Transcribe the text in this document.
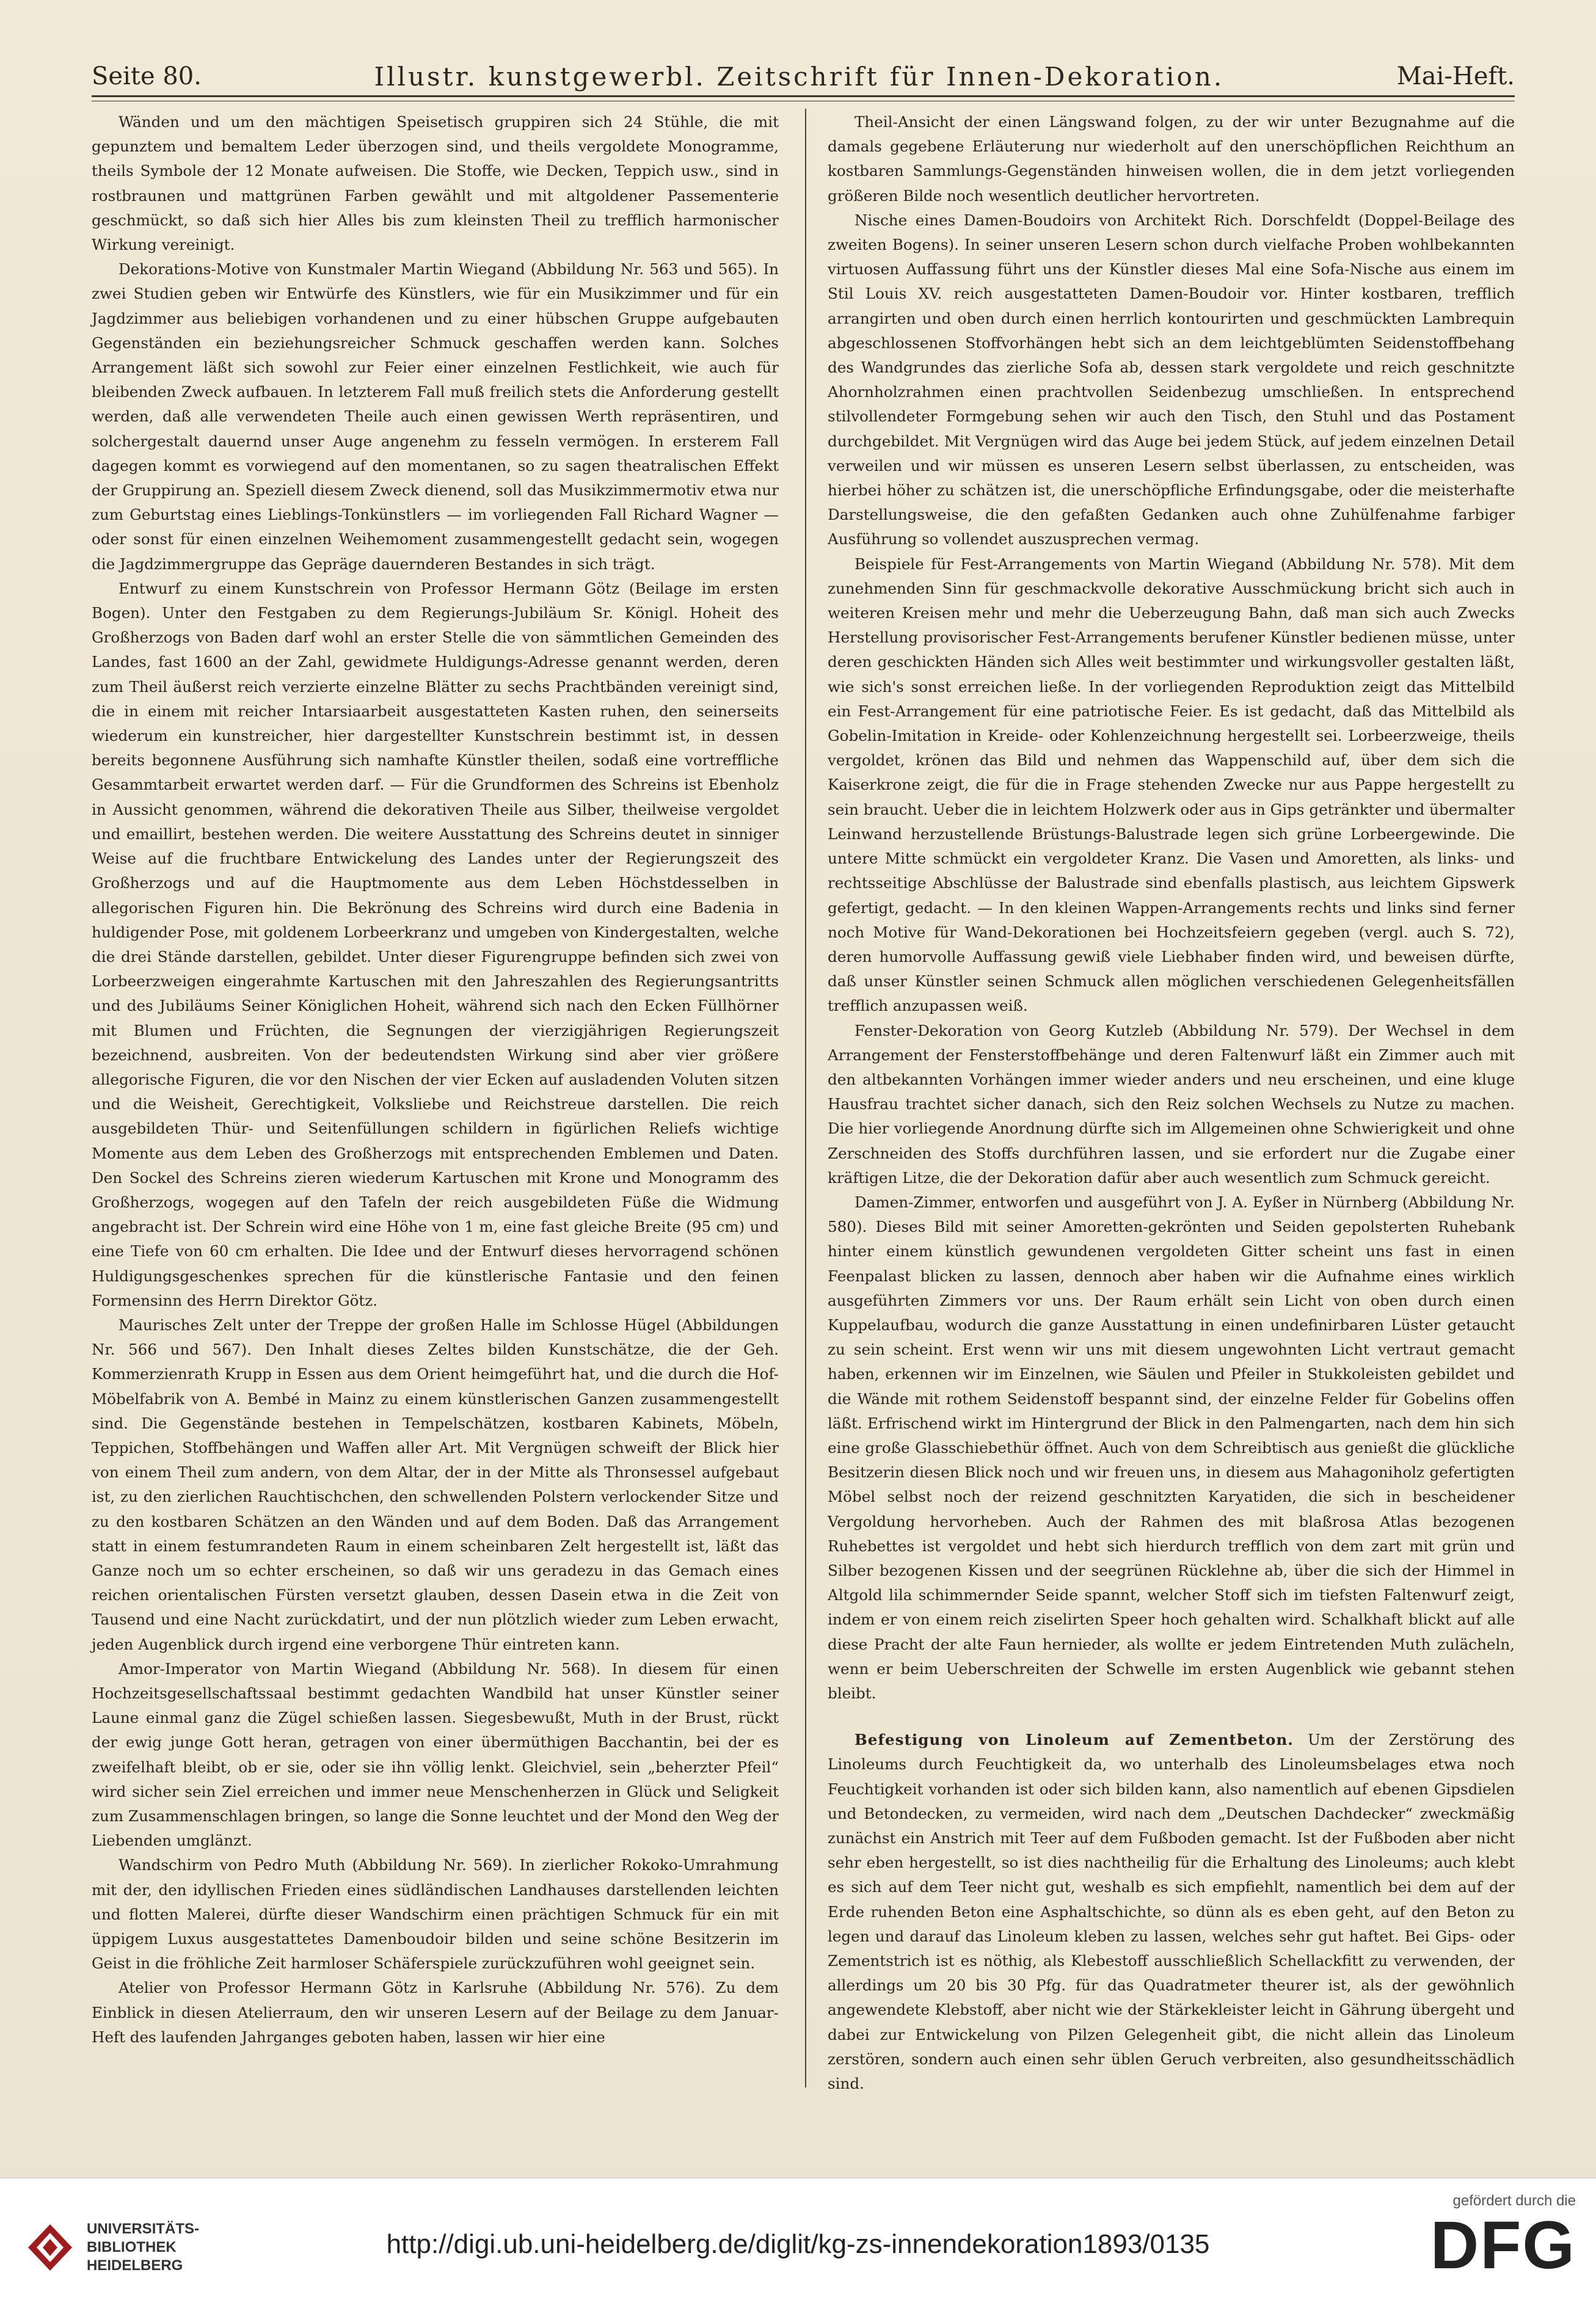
Seite 80.	Illustr. kunstgewerbl. Zeitschrift für Innen-Dekoration.	Mai-Heft.

Wänden und um den mächtigen Speisetisch gruppiren sich 24 Stühle, die mit gepunztem und bemaltem Leder überzogen sind, und theils vergoldete Monogramme, theils Symbole der 12 Monate aufweisen. Die Stoffe, wie Decken, Teppich usw., sind in rostbraunen und mattgrünen Farben gewählt und mit altgoldener Passementerie geschmückt, so daß sich hier Alles bis zum kleinsten Theil zu trefflich harmonischer Wirkung vereinigt.

Dekorations-Motive von Kunstmaler Martin Wiegand (Abbildung Nr. 563 und 565). In zwei Studien geben wir Entwürfe des Künstlers, wie für ein Musikzimmer und für ein Jagdzimmer aus beliebigen vorhandenen und zu einer hübschen Gruppe aufgebauten Gegenständen ein beziehungsreicher Schmuck geschaffen werden kann. Solches Arrangement läßt sich sowohl zur Feier einer einzelnen Festlichkeit, wie auch für bleibenden Zweck aufbauen. In letzterem Fall muß freilich stets die Anforderung gestellt werden, daß alle verwendeten Theile auch einen gewissen Werth repräsentiren, und solchergestalt dauernd unser Auge angenehm zu fesseln vermögen. In ersterem Fall dagegen kommt es vorwiegend auf den momentanen, so zu sagen theatralischen Effekt der Gruppirung an. Speziell diesem Zweck dienend, soll das Musikzimmermotiv etwa nur zum Geburtstag eines Lieblings-Tonkünstlers — im vorliegenden Fall Richard Wagner — oder sonst für einen einzelnen Weihemoment zusammengestellt gedacht sein, wogegen die Jagdzimmergruppe das Gepräge dauernderen Bestandes in sich trägt.

Entwurf zu einem Kunstschrein von Professor Hermann Götz (Beilage im ersten Bogen). Unter den Festgaben zu dem Regierungs-Jubiläum Sr. Königl. Hoheit des Großherzogs von Baden darf wohl an erster Stelle die von sämmtlichen Gemeinden des Landes, fast 1600 an der Zahl, gewidmete Huldigungs-Adresse genannt werden, deren zum Theil äußerst reich verzierte einzelne Blätter zu sechs Prachtbänden vereinigt sind, die in einem mit reicher Intarsiaarbeit ausgestatteten Kasten ruhen, den seinerseits wiederum ein kunstreicher, hier dargestellter Kunstschrein bestimmt ist, in dessen bereits begonnene Ausführung sich namhafte Künstler theilen, sodaß eine vortreffliche Gesammtarbeit erwartet werden darf. — Für die Grundformen des Schreins ist Ebenholz in Aussicht genommen, während die dekorativen Theile aus Silber, theilweise vergoldet und emaillirt, bestehen werden. Die weitere Ausstattung des Schreins deutet in sinniger Weise auf die fruchtbare Entwickelung des Landes unter der Regierungszeit des Großherzogs und auf die Hauptmomente aus dem Leben Höchstdesselben in allegorischen Figuren hin. Die Bekrönung des Schreins wird durch eine Badenia in huldigender Pose, mit goldenem Lorbeerkranz und umgeben von Kindergestalten, welche die drei Stände darstellen, gebildet. Unter dieser Figurengruppe befinden sich zwei von Lorbeerzweigen eingerahmte Kartuschen mit den Jahreszahlen des Regierungsantritts und des Jubiläums Seiner Königlichen Hoheit, während sich nach den Ecken Füllhörner mit Blumen und Früchten, die Segnungen der vierzigjährigen Regierungszeit bezeichnend, ausbreiten. Von der bedeutendsten Wirkung sind aber vier größere allegorische Figuren, die vor den Nischen der vier Ecken auf ausladenden Voluten sitzen und die Weisheit, Gerechtigkeit, Volksliebe und Reichstreue darstellen. Die reich ausgebildeten Thür- und Seitenfüllungen schildern in figürlichen Reliefs wichtige Momente aus dem Leben des Großherzogs mit entsprechenden Emblemen und Daten. Den Sockel des Schreins zieren wiederum Kartuschen mit Krone und Monogramm des Großherzogs, wogegen auf den Tafeln der reich ausgebildeten Füße die Widmung angebracht ist. Der Schrein wird eine Höhe von 1 m, eine fast gleiche Breite (95 cm) und eine Tiefe von 60 cm erhalten. Die Idee und der Entwurf dieses hervorragend schönen Huldigungsgeschenkes sprechen für die künstlerische Fantasie und den feinen Formensinn des Herrn Direktor Götz.

Maurisches Zelt unter der Treppe der großen Halle im Schlosse Hügel (Abbildungen Nr. 566 und 567). Den Inhalt dieses Zeltes bilden Kunstschätze, die der Geh. Kommerzienrath Krupp in Essen aus dem Orient heimgeführt hat, und die durch die Hof-Möbelfabrik von A. Bembé in Mainz zu einem künstlerischen Ganzen zusammengestellt sind. Die Gegenstände bestehen in Tempelschätzen, kostbaren Kabinets, Möbeln, Teppichen, Stoffbehängen und Waffen aller Art. Mit Vergnügen schweift der Blick hier von einem Theil zum andern, von dem Altar, der in der Mitte als Thronsessel aufgebaut ist, zu den zierlichen Rauchtischchen, den schwellenden Polstern verlockender Sitze und zu den kostbaren Schätzen an den Wänden und auf dem Boden. Daß das Arrangement statt in einem festumrandeten Raum in einem scheinbaren Zelt hergestellt ist, läßt das Ganze noch um so echter erscheinen, so daß wir uns geradezu in das Gemach eines reichen orientalischen Fürsten versetzt glauben, dessen Dasein etwa in die Zeit von Tausend und eine Nacht zurückdatirt, und der nun plötzlich wieder zum Leben erwacht, jeden Augenblick durch irgend eine verborgene Thür eintreten kann.

Amor-Imperator von Martin Wiegand (Abbildung Nr. 568). In diesem für einen Hochzeitsgesellschaftssaal bestimmt gedachten Wandbild hat unser Künstler seiner Laune einmal ganz die Zügel schießen lassen. Siegesbewußt, Muth in der Brust, rückt der ewig junge Gott heran, getragen von einer übermüthigen Bacchantin, bei der es zweifelhaft bleibt, ob er sie, oder sie ihn völlig lenkt. Gleichviel, sein „beherzter Pfeil“ wird sicher sein Ziel erreichen und immer neue Menschenherzen in Glück und Seligkeit zum Zusammenschlagen bringen, so lange die Sonne leuchtet und der Mond den Weg der Liebenden umglänzt.

Wandschirm von Pedro Muth (Abbildung Nr. 569). In zierlicher Rokoko-Umrahmung mit der, den idyllischen Frieden eines südländischen Landhauses darstellenden leichten und flotten Malerei, dürfte dieser Wandschirm einen prächtigen Schmuck für ein mit üppigem Luxus ausgestattetes Damenboudoir bilden und seine schöne Besitzerin im Geist in die fröhliche Zeit harmloser Schäferspiele zurückzuführen wohl geeignet sein.

Atelier von Professor Hermann Götz in Karlsruhe (Abbildung Nr. 576). Zu dem Einblick in diesen Atelierraum, den wir unseren Lesern auf der Beilage zu dem Januar-Heft des laufenden Jahrganges geboten haben, lassen wir hier eine

Theil-Ansicht der einen Längswand folgen, zu der wir unter Bezugnahme auf die damals gegebene Erläuterung nur wiederholt auf den unerschöpflichen Reichthum an kostbaren Sammlungs-Gegenständen hinweisen wollen, die in dem jetzt vorliegenden größeren Bilde noch wesentlich deutlicher hervortreten.

Nische eines Damen-Boudoirs von Architekt Rich. Dorschfeldt (Doppel-Beilage des zweiten Bogens). In seiner unseren Lesern schon durch vielfache Proben wohlbekannten virtuosen Auffassung führt uns der Künstler dieses Mal eine Sofa-Nische aus einem im Stil Louis XV. reich ausgestatteten Damen-Boudoir vor. Hinter kostbaren, trefflich arrangirten und oben durch einen herrlich kontourirten und geschmückten Lambrequin abgeschlossenen Stoffvorhängen hebt sich an dem leichtgeblümten Seidenstoffbehang des Wandgrundes das zierliche Sofa ab, dessen stark vergoldete und reich geschnitzte Ahornholzrahmen einen prachtvollen Seidenbezug umschließen. In entsprechend stilvollendeter Formgebung sehen wir auch den Tisch, den Stuhl und das Postament durchgebildet. Mit Vergnügen wird das Auge bei jedem Stück, auf jedem einzelnen Detail verweilen und wir müssen es unseren Lesern selbst überlassen, zu entscheiden, was hierbei höher zu schätzen ist, die unerschöpfliche Erfindungsgabe, oder die meisterhafte Darstellungsweise, die den gefaßten Gedanken auch ohne Zuhülfenahme farbiger Ausführung so vollendet auszusprechen vermag.

Beispiele für Fest-Arrangements von Martin Wiegand (Abbildung Nr. 578). Mit dem zunehmenden Sinn für geschmackvolle dekorative Ausschmückung bricht sich auch in weiteren Kreisen mehr und mehr die Ueberzeugung Bahn, daß man sich auch Zwecks Herstellung provisorischer Fest-Arrangements berufener Künstler bedienen müsse, unter deren geschickten Händen sich Alles weit bestimmter und wirkungsvoller gestalten läßt, wie sich's sonst erreichen ließe. In der vorliegenden Reproduktion zeigt das Mittelbild ein Fest-Arrangement für eine patriotische Feier. Es ist gedacht, daß das Mittelbild als Gobelin-Imitation in Kreide- oder Kohlenzeichnung hergestellt sei. Lorbeerzweige, theils vergoldet, krönen das Bild und nehmen das Wappenschild auf, über dem sich die Kaiserkrone zeigt, die für die in Frage stehenden Zwecke nur aus Pappe hergestellt zu sein braucht. Ueber die in leichtem Holzwerk oder aus in Gips getränkter und übermalter Leinwand herzustellende Brüstungs-Balustrade legen sich grüne Lorbeergewinde. Die untere Mitte schmückt ein vergoldeter Kranz. Die Vasen und Amoretten, als links- und rechtsseitige Abschlüsse der Balustrade sind ebenfalls plastisch, aus leichtem Gipswerk gefertigt, gedacht. — In den kleinen Wappen-Arrangements rechts und links sind ferner noch Motive für Wand-Dekorationen bei Hochzeitsfeiern gegeben (vergl. auch S. 72), deren humorvolle Auffassung gewiß viele Liebhaber finden wird, und beweisen dürfte, daß unser Künstler seinen Schmuck allen möglichen verschiedenen Gelegenheitsfällen trefflich anzupassen weiß.

Fenster-Dekoration von Georg Kutzleb (Abbildung Nr. 579). Der Wechsel in dem Arrangement der Fensterstoffbehänge und deren Faltenwurf läßt ein Zimmer auch mit den altbekannten Vorhängen immer wieder anders und neu erscheinen, und eine kluge Hausfrau trachtet sicher danach, sich den Reiz solchen Wechsels zu Nutze zu machen. Die hier vorliegende Anordnung dürfte sich im Allgemeinen ohne Schwierigkeit und ohne Zerschneiden des Stoffs durchführen lassen, und sie erfordert nur die Zugabe einer kräftigen Litze, die der Dekoration dafür aber auch wesentlich zum Schmuck gereicht.

Damen-Zimmer, entworfen und ausgeführt von J. A. Eyßer in Nürnberg (Abbildung Nr. 580). Dieses Bild mit seiner Amoretten-gekrönten und Seiden gepolsterten Ruhebank hinter einem künstlich gewundenen vergoldeten Gitter scheint uns fast in einen Feenpalast blicken zu lassen, dennoch aber haben wir die Aufnahme eines wirklich ausgeführten Zimmers vor uns. Der Raum erhält sein Licht von oben durch einen Kuppelaufbau, wodurch die ganze Ausstattung in einen undefinirbaren Lüster getaucht zu sein scheint. Erst wenn wir uns mit diesem ungewohnten Licht vertraut gemacht haben, erkennen wir im Einzelnen, wie Säulen und Pfeiler in Stukkoleisten gebildet und die Wände mit rothem Seidenstoff bespannt sind, der einzelne Felder für Gobelins offen läßt. Erfrischend wirkt im Hintergrund der Blick in den Palmengarten, nach dem hin sich eine große Glasschiebethür öffnet. Auch von dem Schreibtisch aus genießt die glückliche Besitzerin diesen Blick noch und wir freuen uns, in diesem aus Mahagoniholz gefertigten Möbel selbst noch der reizend geschnitzten Karyatiden, die sich in bescheidener Vergoldung hervorheben. Auch der Rahmen des mit blaßrosa Atlas bezogenen Ruhebettes ist vergoldet und hebt sich hierdurch trefflich von dem zart mit grün und Silber bezogenen Kissen und der seegrünen Rücklehne ab, über die sich der Himmel in Altgold lila schimmernder Seide spannt, welcher Stoff sich im tiefsten Faltenwurf zeigt, indem er von einem reich ziselirten Speer hoch gehalten wird. Schalkhaft blickt auf alle diese Pracht der alte Faun hernieder, als wollte er jedem Eintretenden Muth zulächeln, wenn er beim Ueberschreiten der Schwelle im ersten Augenblick wie gebannt stehen bleibt.

Befestigung von Linoleum auf Zementbeton. Um der Zerstörung des Linoleums durch Feuchtigkeit da, wo unterhalb des Linoleumsbelages etwa noch Feuchtigkeit vorhanden ist oder sich bilden kann, also namentlich auf ebenen Gipsdielen und Betondecken, zu vermeiden, wird nach dem „Deutschen Dachdecker“ zweckmäßig zunächst ein Anstrich mit Teer auf dem Fußboden gemacht. Ist der Fußboden aber nicht sehr eben hergestellt, so ist dies nachtheilig für die Erhaltung des Linoleums; auch klebt es sich auf dem Teer nicht gut, weshalb es sich empfiehlt, namentlich bei dem auf der Erde ruhenden Beton eine Asphaltschichte, so dünn als es eben geht, auf den Beton zu legen und darauf das Linoleum kleben zu lassen, welches sehr gut haftet. Bei Gips- oder Zementstrich ist es nöthig, als Klebestoff ausschließlich Schellackfitt zu verwenden, der allerdings um 20 bis 30 Pfg. für das Quadratmeter theurer ist, als der gewöhnlich angewendete Klebstoff, aber nicht wie der Stärkekleister leicht in Gährung übergeht und dabei zur Entwickelung von Pilzen Gelegenheit gibt, die nicht allein das Linoleum zerstören, sondern auch einen sehr üblen Geruch verbreiten, also gesundheitsschädlich sind.

UNIVERSITÄTS-
BIBLIOTHEK
HEIDELBERG
http://digi.ub.uni-heidelberg.de/diglit/kg-zs-innendekoration1893/0135
gefördert durch die
DFG
